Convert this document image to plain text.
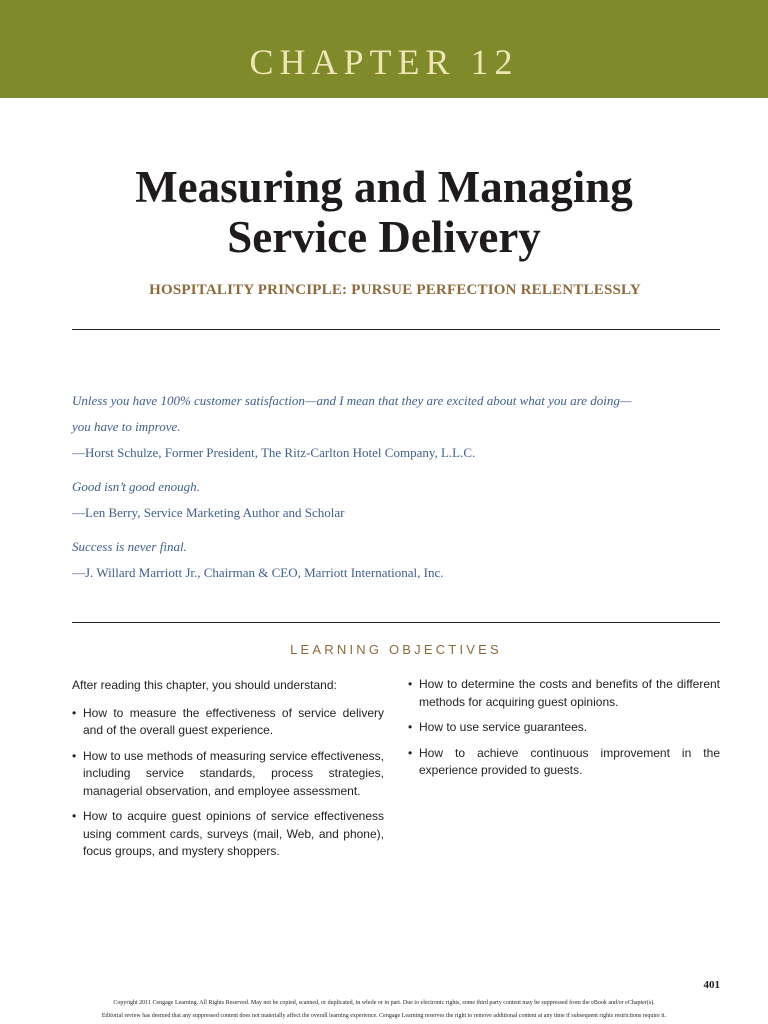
CHAPTER 12
Measuring and Managing
Service Delivery
HOSPITALITY PRINCIPLE: PURSUE PERFECTION RELENTLESSLY
Unless you have 100% customer satisfaction—and I mean that they are excited about what you are doing—
you have to improve.
—Horst Schulze, Former President, The Ritz-Carlton Hotel Company, L.L.C.
Good isn’t good enough.
—Len Berry, Service Marketing Author and Scholar
Success is never final.
—J. Willard Marriott Jr., Chairman & CEO, Marriott International, Inc.
LEARNING OBJECTIVES
After reading this chapter, you should understand:
• How to measure the effectiveness of service delivery and of the overall guest experience.
• How to use methods of measuring service effectiveness, including service standards, process strategies, managerial observation, and employee assessment.
• How to acquire guest opinions of service effectiveness using comment cards, surveys (mail, Web, and phone), focus groups, and mystery shoppers.
• How to determine the costs and benefits of the different methods for acquiring guest opinions.
• How to use service guarantees.
• How to achieve continuous improvement in the experience provided to guests.
401
Copyright 2011 Cengage Learning. All Rights Reserved. May not be copied, scanned, or duplicated, in whole or in part. Due to electronic rights, some third party content may be suppressed from the eBook and/or eChapter(s).
Editorial review has deemed that any suppressed content does not materially affect the overall learning experience. Cengage Learning reserves the right to remove additional content at any time if subsequent rights restrictions require it.
